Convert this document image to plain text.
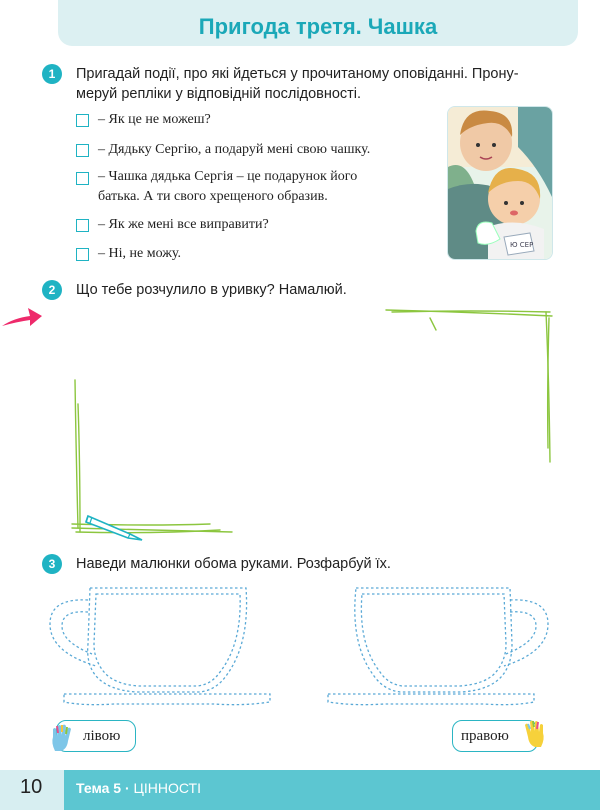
Пригода третя. Чашка
1	Пригадай події, про які йдеться у прочитаному оповіданні. Прону-
меруй репліки у відповідній послідовності.
– Як це не можеш?
– Дядьку Сергію, а подаруй мені свою чашку.
– Чашка дядька Сергія – це подарунок його
батька. А ти свого хрещеного образив.
– Як же мені все виправити?
– Ні, не можу.
Ю СЕР
2	Що тебе розчулило в уривку? Намалюй.
3	Наведи малюнки обома руками. Розфарбуй їх.
лівою	правою
10 Тема 5 · ЦІННОСТІ
